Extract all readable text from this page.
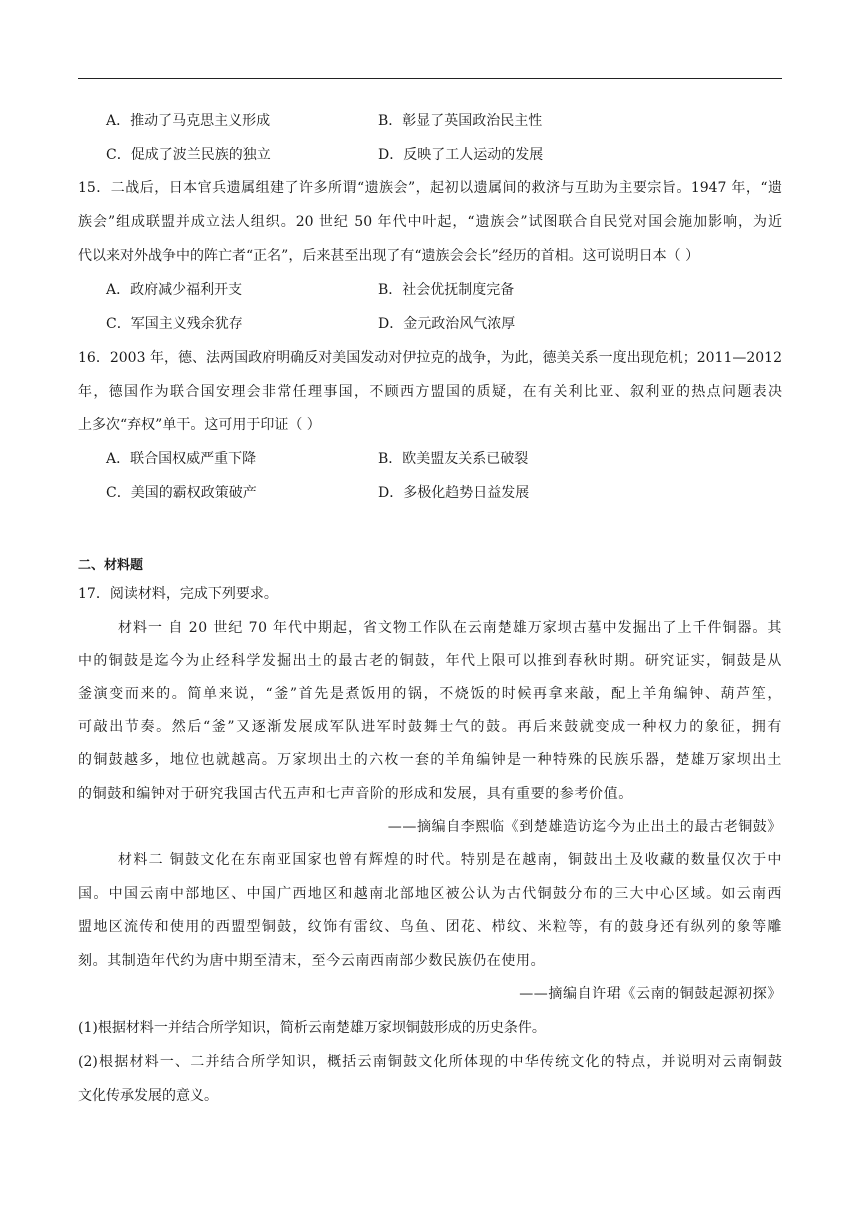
A．推动了马克思主义形成	B．彰显了英国政治民主性
C．促成了波兰民族的独立	D．反映了工人运动的发展
15．二战后，日本官兵遗属组建了许多所谓“遗族会”，起初以遗属间的救济与互助为主要宗旨。1947 年，“遗
族会”组成联盟并成立法人组织。20 世纪 50 年代中叶起，“遗族会”试图联合自民党对国会施加影响，为近
代以来对外战争中的阵亡者“正名”，后来甚至出现了有“遗族会会长”经历的首相。这可说明日本（ ）
A．政府减少福利开支	B．社会优抚制度完备
C．军国主义残余犹存	D．金元政治风气浓厚
16．2003 年，德、法两国政府明确反对美国发动对伊拉克的战争，为此，德美关系一度出现危机；2011—2012
年，德国作为联合国安理会非常任理事国，不顾西方盟国的质疑，在有关利比亚、叙利亚的热点问题表决
上多次“弃权”单干。这可用于印证（ ）
A．联合国权威严重下降	B．欧美盟友关系已破裂
C．美国的霸权政策破产	D．多极化趋势日益发展
二、材料题
17．阅读材料，完成下列要求。
材料一 自 20 世纪 70 年代中期起，省文物工作队在云南楚雄万家坝古墓中发掘出了上千件铜器。其
中的铜鼓是迄今为止经科学发掘出土的最古老的铜鼓，年代上限可以推到春秋时期。研究证实，铜鼓是从
釜演变而来的。简单来说，“釜”首先是煮饭用的锅，不烧饭的时候再拿来敲，配上羊角编钟、葫芦笙，
可敲出节奏。然后“釜”又逐渐发展成军队进军时鼓舞士气的鼓。再后来鼓就变成一种权力的象征，拥有
的铜鼓越多，地位也就越高。万家坝出土的六枚一套的羊角编钟是一种特殊的民族乐器，楚雄万家坝出土
的铜鼓和编钟对于研究我国古代五声和七声音阶的形成和发展，具有重要的参考价值。
——摘编自李熙临《到楚雄造访迄今为止出土的最古老铜鼓》
材料二 铜鼓文化在东南亚国家也曾有辉煌的时代。特别是在越南，铜鼓出土及收藏的数量仅次于中
国。中国云南中部地区、中国广西地区和越南北部地区被公认为古代铜鼓分布的三大中心区域。如云南西
盟地区流传和使用的西盟型铜鼓，纹饰有雷纹、鸟鱼、团花、栉纹、米粒等，有的鼓身还有纵列的象等雕
刻。其制造年代约为唐中期至清末，至今云南西南部少数民族仍在使用。
——摘编自许珺《云南的铜鼓起源初探》
(1)根据材料一并结合所学知识，简析云南楚雄万家坝铜鼓形成的历史条件。
(2)根据材料一、二并结合所学知识，概括云南铜鼓文化所体现的中华传统文化的特点，并说明对云南铜鼓
文化传承发展的意义。
